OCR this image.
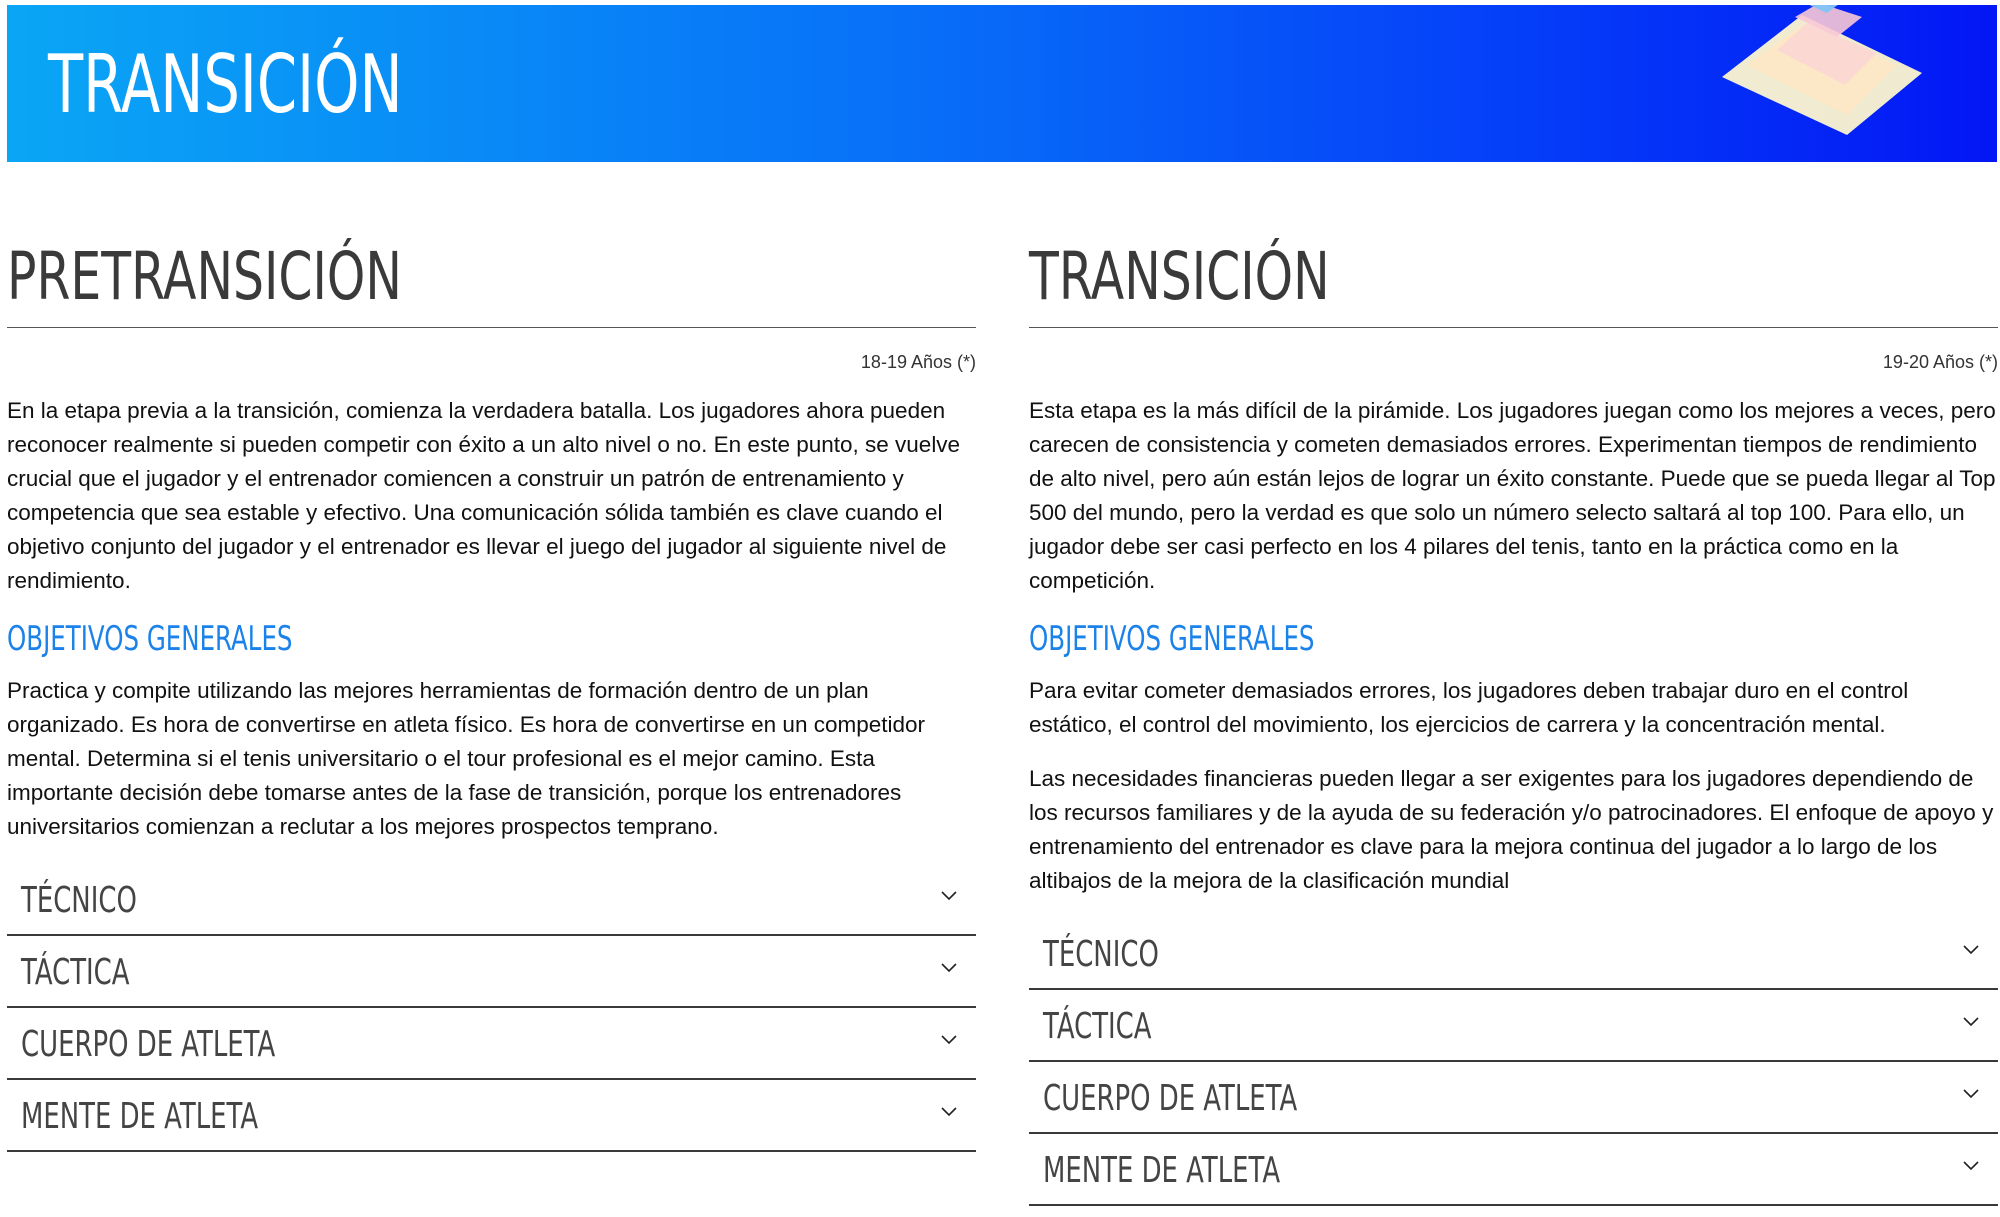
TRANSICIÓN
PRETRANSICIÓN
18-19 Años (*)

En la etapa previa a la transición, comienza la verdadera batalla. Los jugadores ahora pueden reconocer realmente si pueden competir con éxito a un alto nivel o no. En este punto, se vuelve crucial que el jugador y el entrenador comiencen a construir un patrón de entrenamiento y competencia que sea estable y efectivo. Una comunicación sólida también es clave cuando el objetivo conjunto del jugador y el entrenador es llevar el juego del jugador al siguiente nivel de rendimiento.

OBJETIVOS GENERALES

Practica y compite utilizando las mejores herramientas de formación dentro de un plan organizado. Es hora de convertirse en atleta físico. Es hora de convertirse en un competidor mental. Determina si el tenis universitario o el tour profesional es el mejor camino. Esta importante decisión debe tomarse antes de la fase de transición, porque los entrenadores universitarios comienzan a reclutar a los mejores prospectos temprano.

TÉCNICO
TÁCTICA
CUERPO DE ATLETA
MENTE DE ATLETA
TRANSICIÓN
19-20 Años (*)

Esta etapa es la más difícil de la pirámide. Los jugadores juegan como los mejores a veces, pero carecen de consistencia y cometen demasiados errores. Experimentan tiempos de rendimiento de alto nivel, pero aún están lejos de lograr un éxito constante. Puede que se pueda llegar al Top 500 del mundo, pero la verdad es que solo un número selecto saltará al top 100. Para ello, un jugador debe ser casi perfecto en los 4 pilares del tenis, tanto en la práctica como en la competición.

OBJETIVOS GENERALES

Para evitar cometer demasiados errores, los jugadores deben trabajar duro en el control estático, el control del movimiento, los ejercicios de carrera y la concentración mental.

Las necesidades financieras pueden llegar a ser exigentes para los jugadores dependiendo de los recursos familiares y de la ayuda de su federación y/o patrocinadores. El enfoque de apoyo y entrenamiento del entrenador es clave para la mejora continua del jugador a lo largo de los altibajos de la mejora de la clasificación mundial

TÉCNICO
TÁCTICA
CUERPO DE ATLETA
MENTE DE ATLETA
